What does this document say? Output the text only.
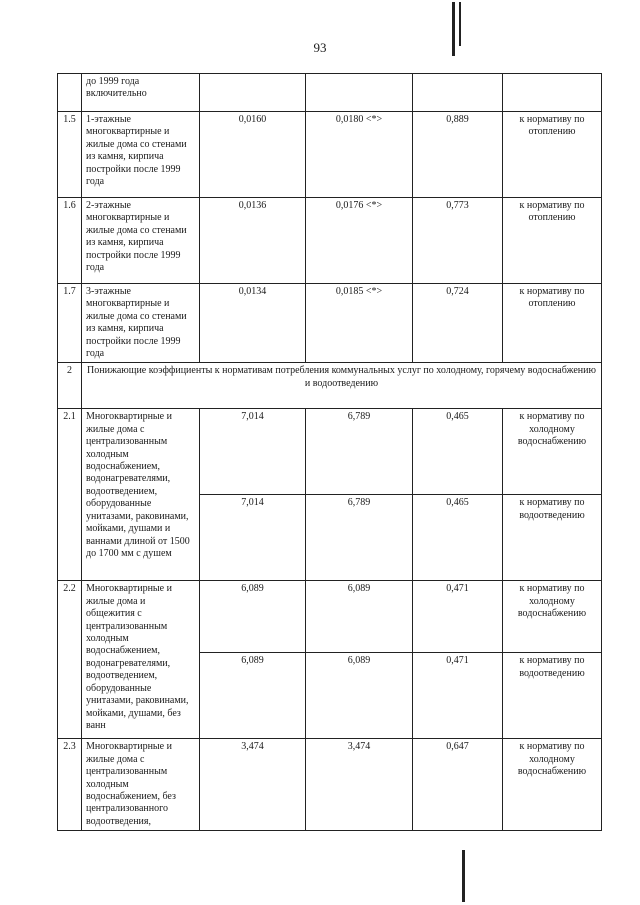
93
	до 1999 года включительно				
1.5	1-этажные многоквартирные и жилые дома со стенами из камня, кирпича постройки после 1999 года	0,0160	0,0180 <*>	0,889	к нормативу по отоплению
1.6	2-этажные многоквартирные и жилые дома со стенами из камня, кирпича постройки после 1999 года	0,0136	0,0176 <*>	0,773	к нормативу по отоплению
1.7	3-этажные многоквартирные и жилые дома со стенами из камня, кирпича постройки после 1999 года	0,0134	0,0185 <*>	0,724	к нормативу по отоплению
2	Понижающие коэффициенты к нормативам потребления коммунальных услуг по холодному, горячему водоснабжению и водоотведению				
2.1	Многоквартирные и жилые дома с централизованным холодным водоснабжением, водонагревателями, водоотведением, оборудованные унитазами, раковинами, мойками, душами и ваннами длиной от 1500 до 1700 мм с душем	7,014	6,789	0,465	к нормативу по холодному водоснабжению
		7,014	6,789	0,465	к нормативу по водоотведению
2.2	Многоквартирные и жилые дома и общежития с централизованным холодным водоснабжением, водонагревателями, водоотведением, оборудованные унитазами, раковинами, мойками, душами, без ванн	6,089	6,089	0,471	к нормативу по холодному водоснабжению
		6,089	6,089	0,471	к нормативу по водоотведению
2.3	Многоквартирные и жилые дома с централизованным холодным водоснабжением, без централизованного водоотведения,	3,474	3,474	0,647	к нормативу по холодному водоснабжению
